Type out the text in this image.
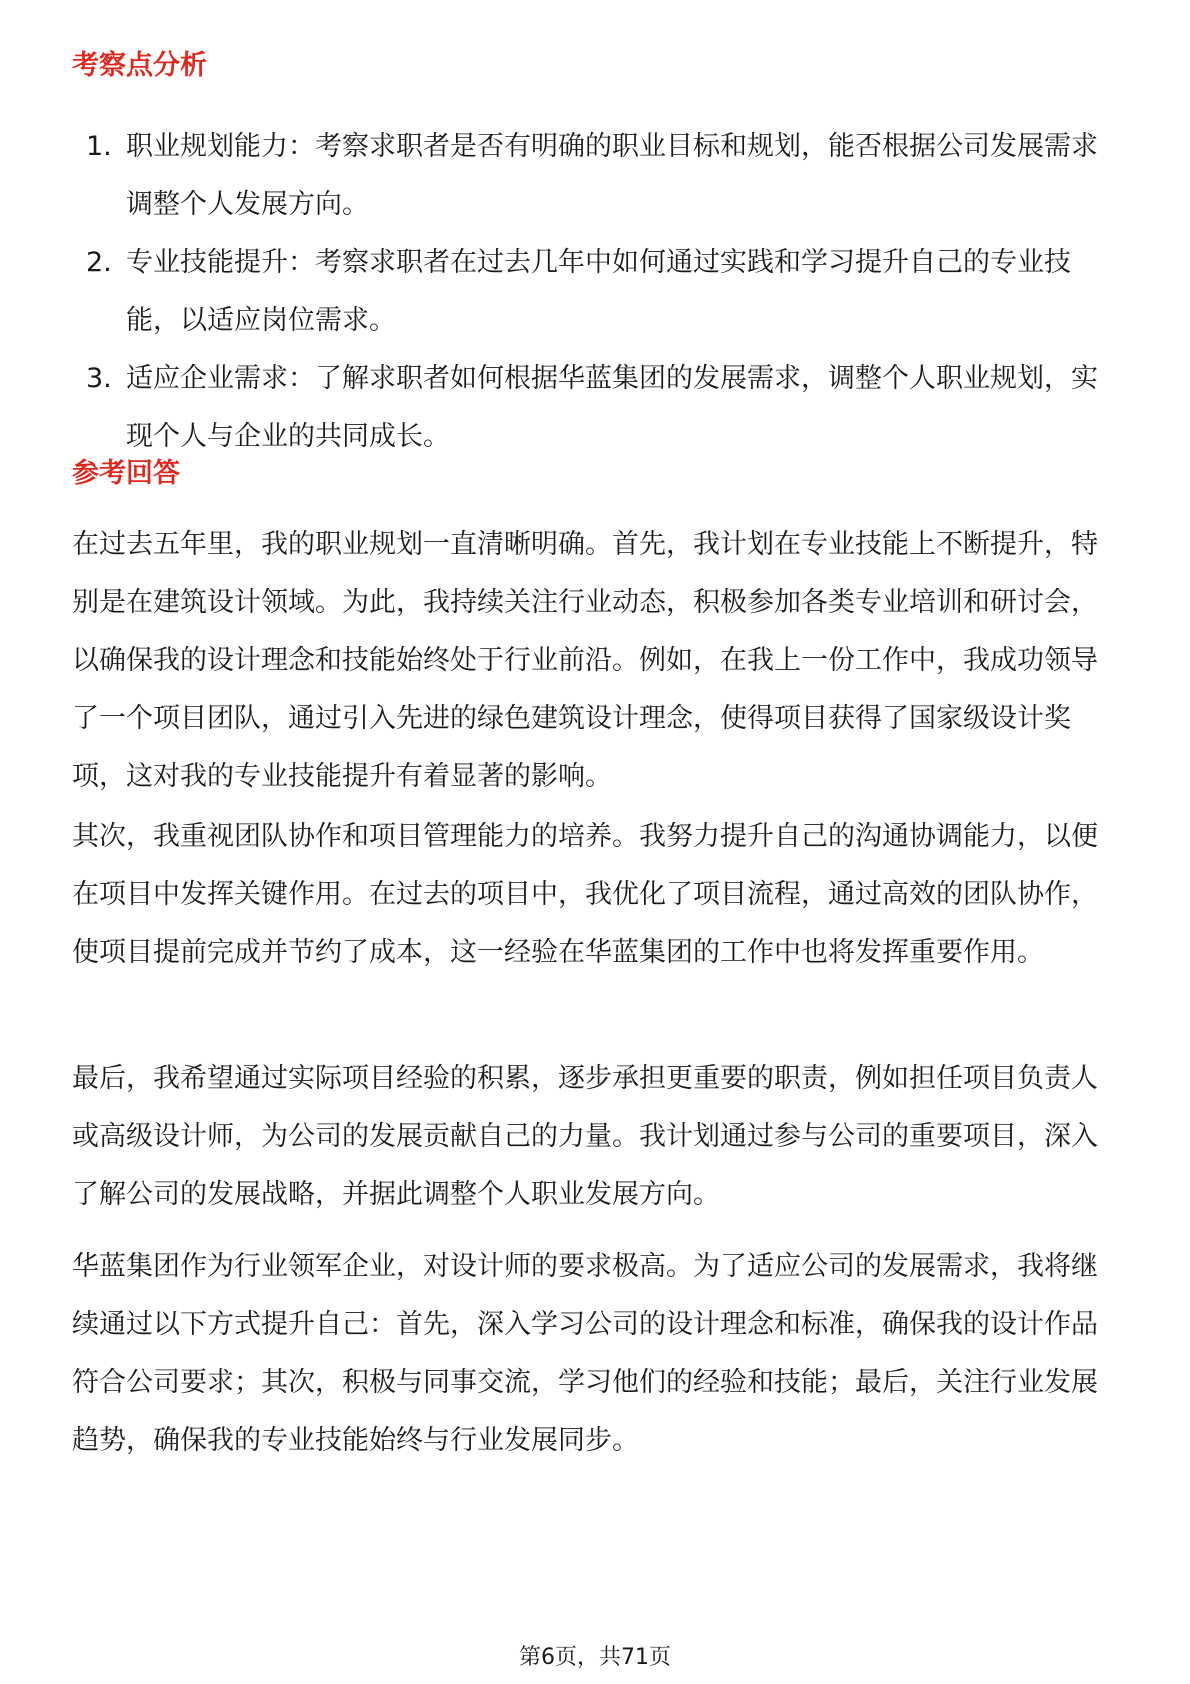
考察点分析
1. 职业规划能力：考察求职者是否有明确的职业目标和规划，能否根据公司发展需求调整个人发展方向。
2. 专业技能提升：考察求职者在过去几年中如何通过实践和学习提升自己的专业技能，以适应岗位需求。
3. 适应企业需求：了解求职者如何根据华蓝集团的发展需求，调整个人职业规划，实现个人与企业的共同成长。
参考回答

在过去五年里，我的职业规划一直清晰明确。首先，我计划在专业技能上不断提升，特别是在建筑设计领域。为此，我持续关注行业动态，积极参加各类专业培训和研讨会，以确保我的设计理念和技能始终处于行业前沿。例如，在我上一份工作中，我成功领导了一个项目团队，通过引入先进的绿色建筑设计理念，使得项目获得了国家级设计奖项，这对我的专业技能提升有着显著的影响。

其次，我重视团队协作和项目管理能力的培养。我努力提升自己的沟通协调能力，以便在项目中发挥关键作用。在过去的项目中，我优化了项目流程，通过高效的团队协作，使项目提前完成并节约了成本，这一经验在华蓝集团的工作中也将发挥重要作用。

最后，我希望通过实际项目经验的积累，逐步承担更重要的职责，例如担任项目负责人或高级设计师，为公司的发展贡献自己的力量。我计划通过参与公司的重要项目，深入了解公司的发展战略，并据此调整个人职业发展方向。

华蓝集团作为行业领军企业，对设计师的要求极高。为了适应公司的发展需求，我将继续通过以下方式提升自己：首先，深入学习公司的设计理念和标准，确保我的设计作品符合公司要求；其次，积极与同事交流，学习他们的经验和技能；最后，关注行业发展趋势，确保我的专业技能始终与行业发展同步。

第6页，共71页
